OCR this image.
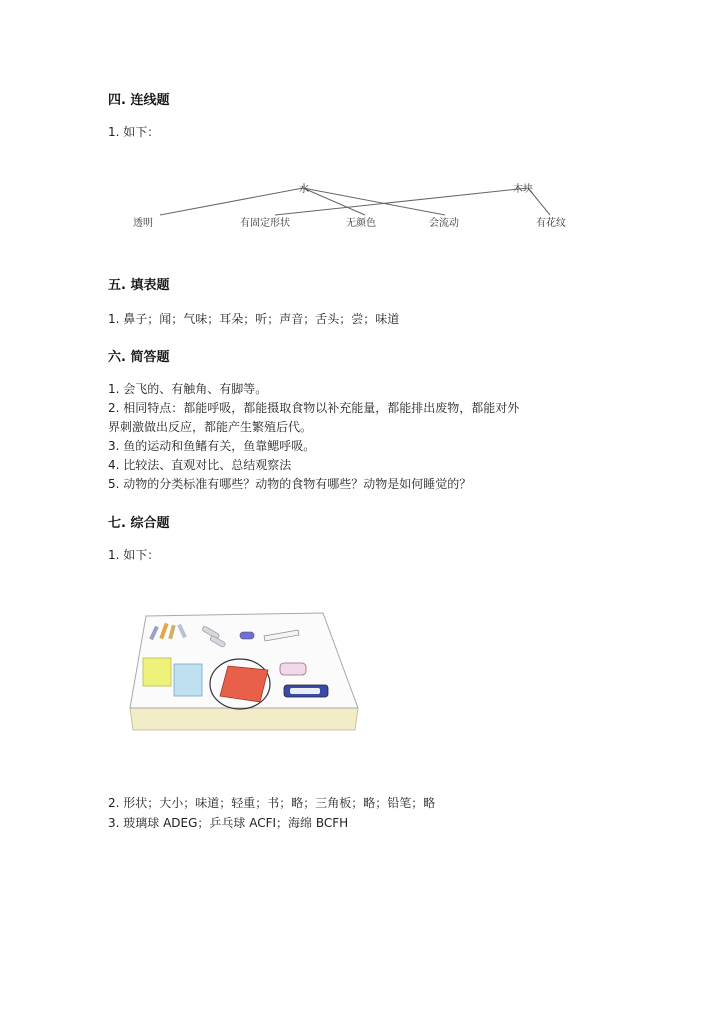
四. 连线题
1. 如下：
水	木块
透明	有固定形状	无颜色	会流动	有花纹
五. 填表题
1. 鼻子；闻；气味；耳朵；听；声音；舌头；尝；味道
六. 简答题
1. 会飞的、有触角、有脚等。
2. 相同特点：都能呼吸，都能摄取食物以补充能量，都能排出废物，都能对外
界刺激做出反应，都能产生繁殖后代。
3. 鱼的运动和鱼鳍有关，鱼靠鳃呼吸。
4. 比较法、直观对比、总结观察法
5. 动物的分类标准有哪些？动物的食物有哪些？动物是如何睡觉的？
七. 综合题
1. 如下：
2. 形状；大小；味道；轻重；书；略；三角板；略；铅笔；略
3. 玻璃球 ADEG；乒乓球 ACFI；海绵 BCFH
